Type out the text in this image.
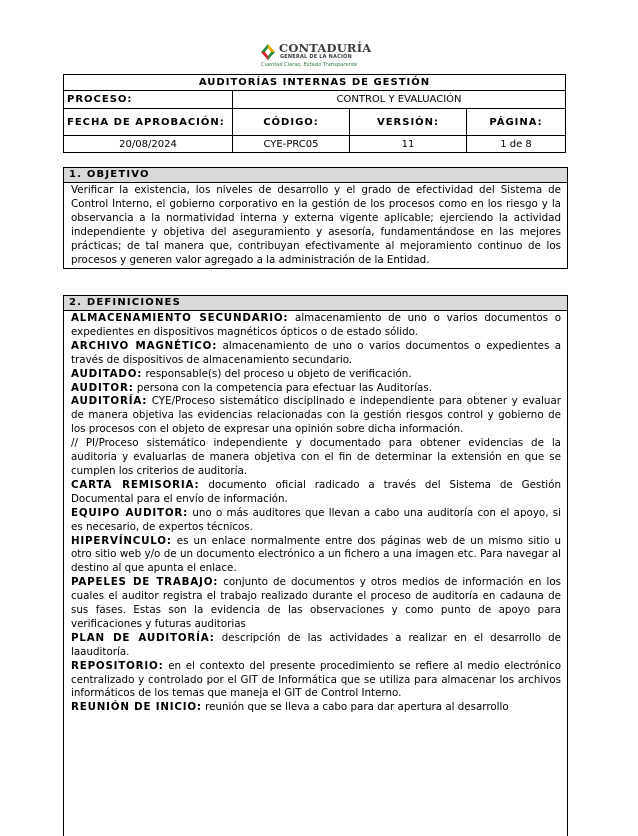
CONTADURÍA
GENERAL DE LA NACIÓN
Cuentas Claras, Estado Transparente
AUDITORÍAS INTERNAS DE GESTIÓN			
PROCESO:	CONTROL Y EVALUACIÓN		
FECHA DE APROBACIÓN:	CÓDIGO:	VERSIÓN:	PÁGINA:
20/08/2024	CYE-PRC05	11	1 de 8
1. OBJETIVO
Verificar la existencia, los niveles de desarrollo y el grado de efectividad del Sistema de Control Interno, el gobierno corporativo en la gestión de los procesos como en los riesgo y la observancia a la normatividad interna y externa vigente aplicable; ejerciendo la actividad independiente y objetiva del aseguramiento y asesoría, fundamentándose en las mejores prácticas; de tal manera que, contribuyan efectivamente al mejoramiento continuo de los procesos y generen valor agregado a la administración de la Entidad.
2. DEFINICIONES

ALMACENAMIENTO SECUNDARIO: almacenamiento de uno o varios documentos o expedientes en dispositivos magnéticos ópticos o de estado sólido.

ARCHIVO MAGNÉTICO: almacenamiento de uno o varios documentos o expedientes a través de dispositivos de almacenamiento secundario.

AUDITADO: responsable(s) del proceso u objeto de verificación.

AUDITOR: persona con la competencia para efectuar las Auditorías.

AUDITORÍA: CYE/Proceso sistemático disciplinado e independiente para obtener y evaluar de manera objetiva las evidencias relacionadas con la gestión riesgos control y gobierno de los procesos con el objeto de expresar una opinión sobre dicha información.

// PI/Proceso sistemático independiente y documentado para obtener evidencias de la auditoria y evaluarlas de manera objetiva con el fin de determinar la extensión en que se cumplen los criterios de auditoría.

CARTA REMISORIA: documento oficial radicado a través del Sistema de Gestión Documental para el envío de información.

EQUIPO AUDITOR: uno o más auditores que llevan a cabo una auditoría con el apoyo, si es necesario, de expertos técnicos.

HIPERVÍNCULO: es un enlace normalmente entre dos páginas web de un mismo sitio u otro sitio web y/o de un documento electrónico a un fichero a una imagen etc. Para navegar al destino al que apunta el enlace.

PAPELES DE TRABAJO: conjunto de documentos y otros medios de información en los cuales el auditor registra el trabajo realizado durante el proceso de auditoría en cadauna de sus fases. Estas son la evidencia de las observaciones y como punto de apoyo para verificaciones y futuras auditorias

PLAN DE AUDITORÍA: descripción de las actividades a realizar en el desarrollo de laauditoría.

REPOSITORIO: en el contexto del presente procedimiento se refiere al medio electrónico centralizado y controlado por el GIT de Informática que se utiliza para almacenar los archivos informáticos de los temas que maneja el GIT de Control Interno.

REUNIÓN DE INICIO: reunión que se lleva a cabo para dar apertura al desarrollo
